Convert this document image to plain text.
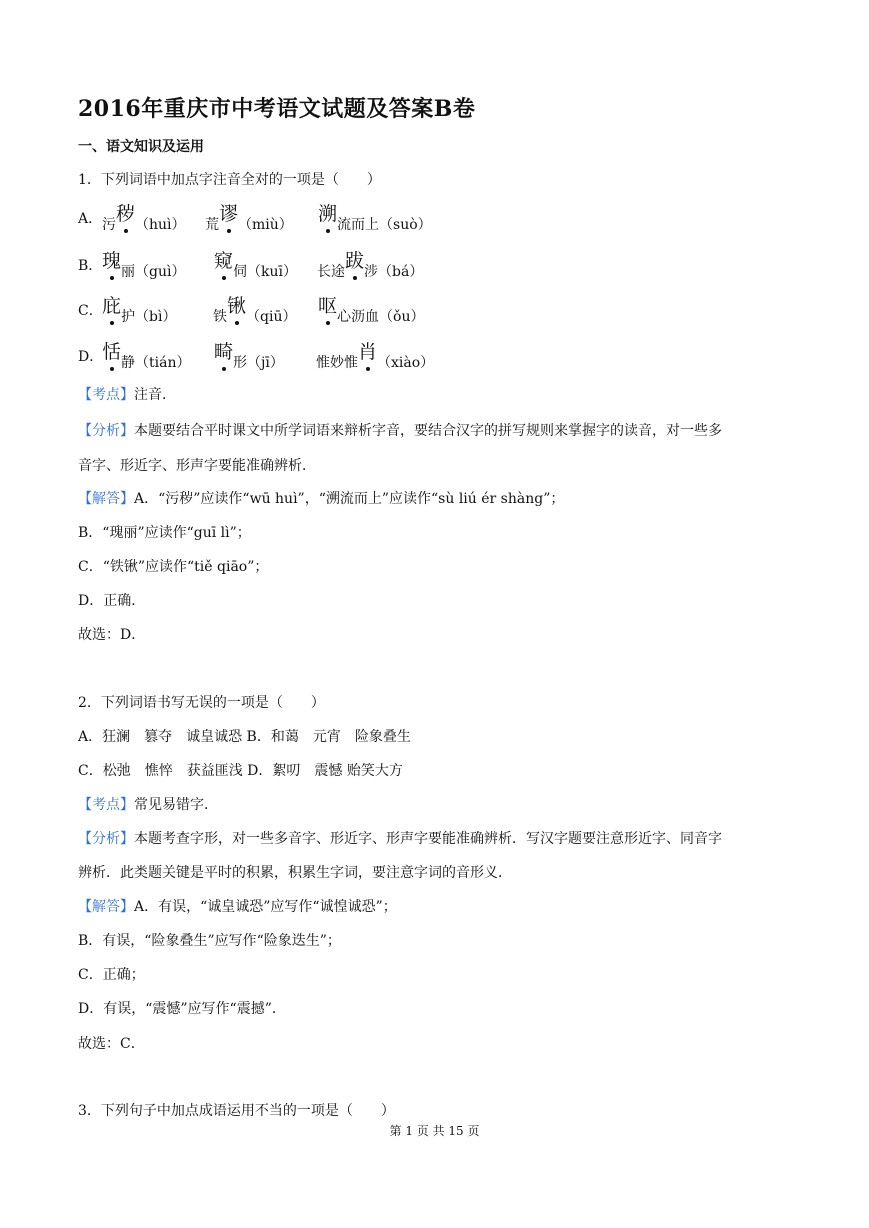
2016年重庆市中考语文试题及答案B卷
一、语文知识及运用
1．下列词语中加点字注音全对的一项是（　　）
A． 污秽
（huì） 荒谬
（miù） 溯
流而上（suò）
B． 瑰
丽（guì） 窥
伺（kuī） 长途跋
涉（bá）
C． 庇
护（bì）	铁锹
（qiū） 呕
心沥血（ǒu）
D．
恬
静（tián） 畸
形（jī） 惟妙惟肖
（xiào）
【考点】注音．
【分析】本题要结合平时课文中所学词语来辩析字音，要结合汉字的拼写规则来掌握字的读音，对一些多
音字、形近字、形声字要能准确辨析．
【解答】A．“污秽”应读作“wū huì”，“溯流而上”应读作“sù liú ér shàng”；
B．“瑰丽”应读作“guī lì”；
C．“铁锹”应读作“tiě qiāo”；
D．正确．
故选：D．
2．下列词语书写无误的一项是（　　）
A．狂澜　篡夺　诚皇诚恐 B．和蔼　元宵　险象叠生
C．松弛　憔悴　获益匪浅 D．絮叨　震憾 贻笑大方
【考点】常见易错字．
【分析】本题考查字形，对一些多音字、形近字、形声字要能准确辨析．写汉字题要注意形近字、同音字
辨析．此类题关键是平时的积累，积累生字词，要注意字词的音形义．
【解答】A．有误，“诚皇诚恐”应写作“诚惶诚恐”；
B．有误，“险象叠生”应写作“险象迭生”；
C．正确；
D．有误，“震憾”应写作“震撼”．
故选：C．
3．下列句子中加点成语运用不当的一项是（　　）
第 1 页 共 15 页
